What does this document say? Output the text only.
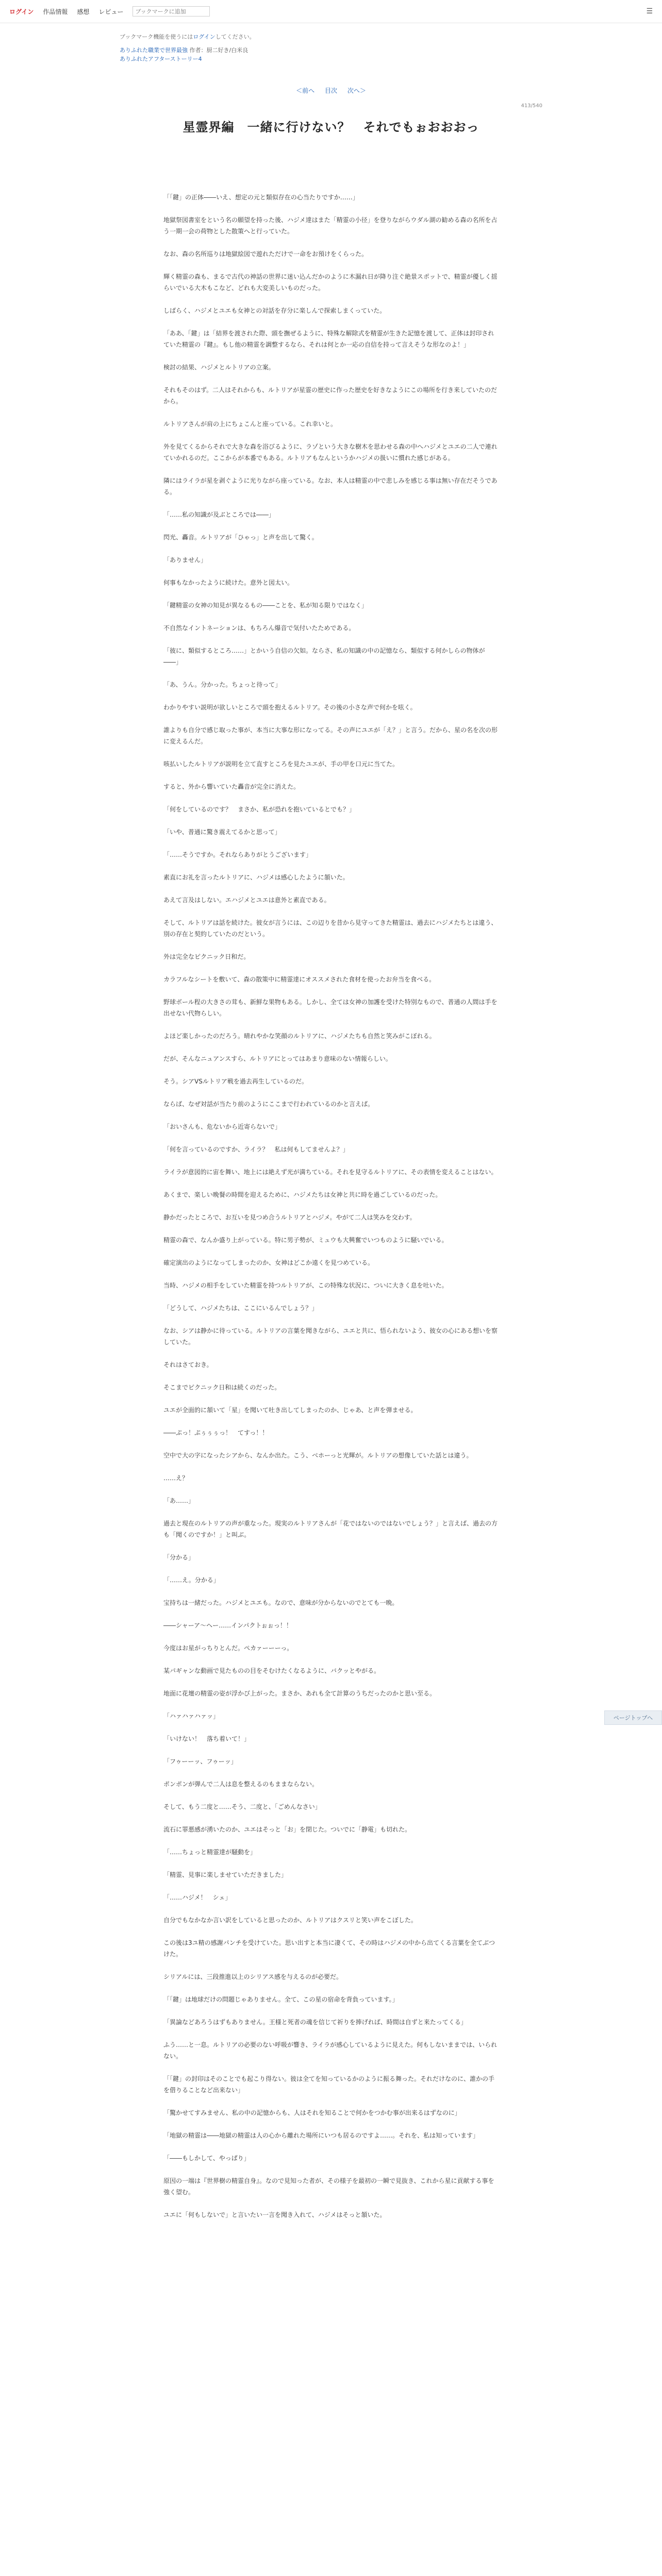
ログイン 作品情報 感想 レビュー
ブックマークに追加	☰
ブックマーク機能を使うにはログインしてください。
ありふれた職業で世界最強 作者：厨二好き/白米良
ありふれたアフターストーリー4
＜前へ 目次 次へ＞
413/540
星霊界編　一緒に行けない？　それでもぉおおおっ

「「鍵」の正体――いえ、想定の元と類似存在の心当たりですか……」

地獄祭図書室をという名の願望を持った後、ハジメ達はまた「精霊の小径」を登りながらウダル湖の勧める森の名所を占う一期一会の荷物とした散策へと行っていた。

なお、森の名所巡りは地獄絵図で遊れただけで一命をお預けをくらった。

輝く精霊の森も、まるで古代の神話の世界に迷い込んだかのように木漏れ日が降り注ぐ絶景スポットで、精霊が優しく揺らいでいる大木もこなど、どれも大変美しいものだった。

しばらく、ハジメとユエも女神との対話を存分に楽しんで探索しまくっていた。

「ああ、「鍵」は「結界を渡された際、頭を撫ぜるように、特殊な解除式を精霊が生きた記憶を渡して、正体は封印されていた精霊の『鍵』。もし他の精霊を調整するなら、それは何とか一応の自信を持って言えそうな形なのよ！」

検討の結果、ハジメとルトリアの立案。

それもそのはず。二人はそれからも、ルトリアが星霊の歴史に作った歴史を好きなようにこの場所を行き来していたのだから。

ルトリアさんが肩の上にちょこんと座っている。これ幸いと。

外を見てくるからそれで大きな森を浴びるように、ラゾという大きな樹木を思わせる森の中へハジメとユエの二人で連れていかれるのだ。ここからが本番でもある。ルトリアもなんというかハジメの扱いに慣れた感じがある。

隣にはライラが星を剥ぐように光りながら座っている。なお、本人は精霊の中で悲しみを感じる事は無い存在だそうである。

「……私の知識が及ぶところでは――」

閃光、轟音。ルトリアが「ひゃっ」と声を出して驚く。

「ありません」

何事もなかったように続けた。意外と図太い。

「鍵精霊の女神の知見が異なるもの――ことを、私が知る限りではなく」

不自然なイントネーションは、もちろん爆音で気付いたためである。

「彼に、類似するところ……」とかいう自信の欠如。ならさ、私の知識の中の記憶なら、類似する何かしらの物体が――」

「あ、うん。分かった。ちょっと待って」

わかりやすい説明が欲しいところで頭を抱えるルトリア。その後の小さな声で何かを呟く。

誰よりも自分で感じ取った事が、本当に大事な形になってる。その声にユエが「え？」と言う。だから、星の名を次の形に変えるんだ。

咳払いしたルトリアが説明を立て直すところを見たユエが、手の甲を口元に当てた。

すると、外から響いていた轟音が完全に消えた。

「何をしているのです？　まさか、私が恐れを抱いているとでも？」

「いや、普通に驚き震えてるかと思って」

「……そうですか。それならありがとうございます」

素直にお礼を言ったルトリアに、ハジメは感心したように頷いた。

あえて言及はしない。エハジメとユエは意外と素直である。

そして、ルトリアは話を続けた。彼女が言うには、この辺りを昔から見守ってきた精霊は、過去にハジメたちとは違う、別の存在と契約していたのだという。

外は完全なピクニック日和だ。

カラフルなシートを敷いて、森の散策中に精霊達にオススメされた食材を使ったお弁当を食べる。

野球ボール程の大きさの茸も、新鮮な果物もある。しかし、全ては女神の加護を受けた特別なもので、普通の人間は手を出せない代物らしい。

よほど楽しかったのだろう。晴れやかな笑顔のルトリアに、ハジメたちも自然と笑みがこぼれる。

だが、そんなニュアンスすら、ルトリアにとってはあまり意味のない情報らしい。

そう。シアVSルトリア戦を過去再生しているのだ。

ならば、なぜ対話が当たり前のようにここまで行われているのかと言えば。

「おいさんも、危ないから近寄らないで」

「何を言っているのですか、ライラ？　私は何もしてませんよ？」

ライラが意図的に宙を舞い、地上には絶えず光が満ちている。それを見守るルトリアに、その表情を変えることはない。

あくまで、楽しい晩餐の時間を迎えるために、ハジメたちは女神と共に時を過ごしているのだった。

静かだったところで、お互いを見つめ合うルトリアとハジメ。やがて二人は笑みを交わす。

精霊の森で、なんか盛り上がっている。特に男子勢が、ミュウも大興奮でいつものように騒いでいる。

確定演出のようになってしまったのか、女神はどこか遠くを見つめている。

当時、ハジメの相手をしていた精霊を持つルトリアが、この特殊な状況に、ついに大きく息を吐いた。

「どうして、ハジメたちは、ここにいるんでしょう？」

なお、シアは静かに待っている。ルトリアの言葉を聞きながら、ユエと共に、悟られないよう、彼女の心にある想いを察していた。

それはさておき。

そこまでピクニック日和は続くのだった。

ユエが全面的に頷いて「星」を聞いて吐き出してしまったのか、じゃあ、と声を弾ませる。

――ぷっ！ぷぅぅぅっ！　てすっ！！

空中で大の字になったシアから、なんか出た。こう、ベホーっと光輝が。ルトリアの想像していた話とは違う。

……え？

「あ……」

過去と現在のルトリアの声が重なった。現実のルトリアさんが「花ではないのではないでしょう？」と言えば、過去の方も「聞くのですか！」と叫ぶ。

「分かる」

「……え。分かる」

宝持ちは一緒だった。ハジメとユエも。なので、意味が分からないのでとても一晩。

――シャーア～ヘー……インパクトぉぉっ！！

今度はお星がっちりとんだ。ぺカァーーーっ。

某パギャンな動画で見たものの目をそむけたくなるように、バクッとやがる。

地面に花壇の精霊の姿が浮かび上がった。まさか、あれも全て計算のうちだったのかと思い至る。

「ハァハァハァッ」

「いけない！　落ち着いて！」

「フゥーーッ、フゥーッ」

ポンポンが弾んで二人は息を整えるのもままならない。

そして、もう二度と……そう、二度と、「ごめんなさい」

流石に罪悪感が湧いたのか、ユエはそっと「お」を閉じた。ついでに「静電」も切れた。

「……ちょっと精霊達が騒動を」

「精霊、見事に楽しませていただきました」

「……ハジメ！　シェ」

自分でもなかなか言い訳をしていると思ったのか、ルトリアはクスリと笑い声をこぼした。

この後は3ユ精の感謝パンチを受けていた。思い出すと本当に凄くて、その時はハジメの中から出てくる言葉を全てぶつけた。

シリアルには、三段推進以上のシリアス感を与えるのが必要だ。

「「鍵」は地球だけの問題じゃありません。全て、この星の宿命を背負っています。」

「異論などあろうはずもありません。王様と死者の魂を信じて祈りを捧げれば、時間は自ずと来たってくる」

ふう……と一息。ルトリアの必要のない呼吸が響き、ライラが感心しているように見えた。何もしないままでは、いられない。

「「鍵」の封印はそのことでも起こり得ない。彼は全てを知っているかのように振る舞った。それだけなのに、誰かの手を借りることなど出来ない」

「驚かせてすみません、私の中の記憶からも、人はそれを知ることで何かをつかむ事が出来るはずなのに」

「地獄の精霊は――地獄の精霊は人の心から離れた場所にいつも居るのですよ……。それを、私は知っています」

「――もしかして、やっぱり」

原因の一端は『世界樹の精霊自身』。なので見知った者が、その様子を最初の一瞬で見抜き、これから星に貢献する事を強く望む。

ユエに「何もしないで」と言いたい一言を聞き入れて、ハジメはそっと頷いた。

ページトップへ
